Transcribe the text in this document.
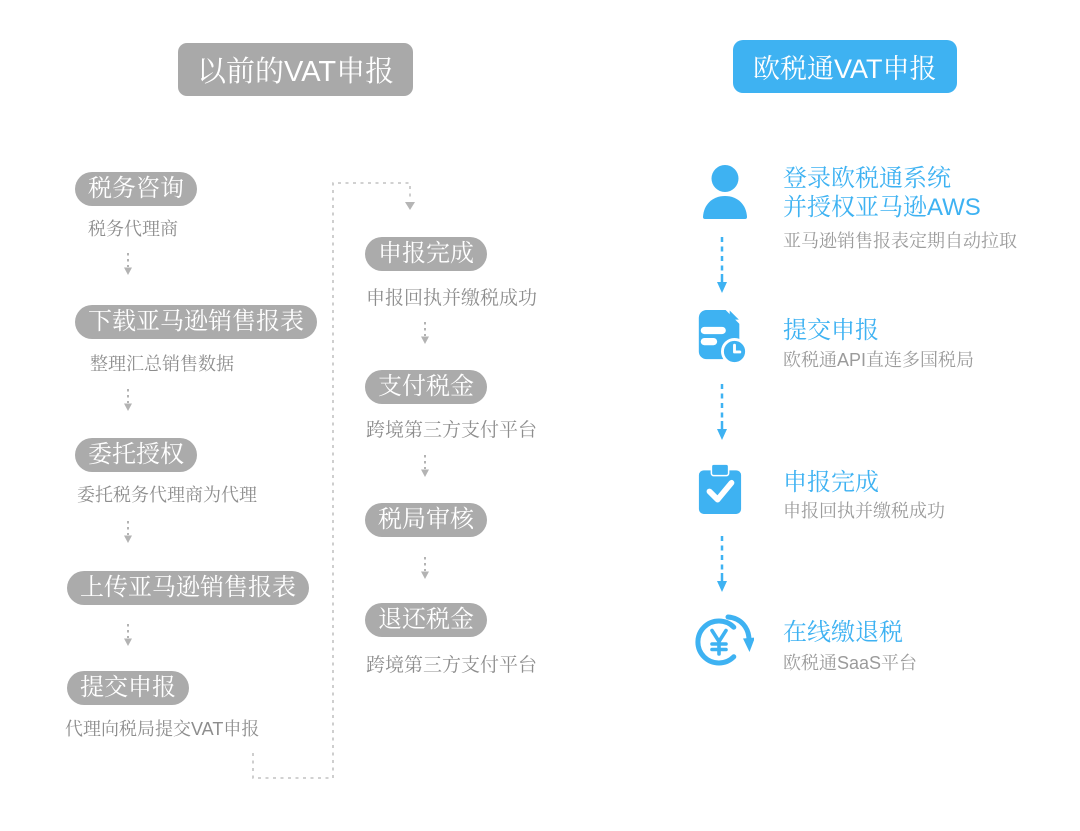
以前的VAT申报	欧税通VAT申报
税务咨询
税务代理商
下载亚马逊销售报表
整理汇总销售数据
委托授权
委托税务代理商为代理
上传亚马逊销售报表
提交申报
代理向税局提交VAT申报
申报完成
申报回执并缴税成功
支付税金
跨境第三方支付平台
税局审核
退还税金
跨境第三方支付平台
登录欧税通系统
并授权亚马逊AWS
亚马逊销售报表定期自动拉取
提交申报
欧税通API直连多国税局
申报完成
申报回执并缴税成功
在线缴退税
欧税通SaaS平台
